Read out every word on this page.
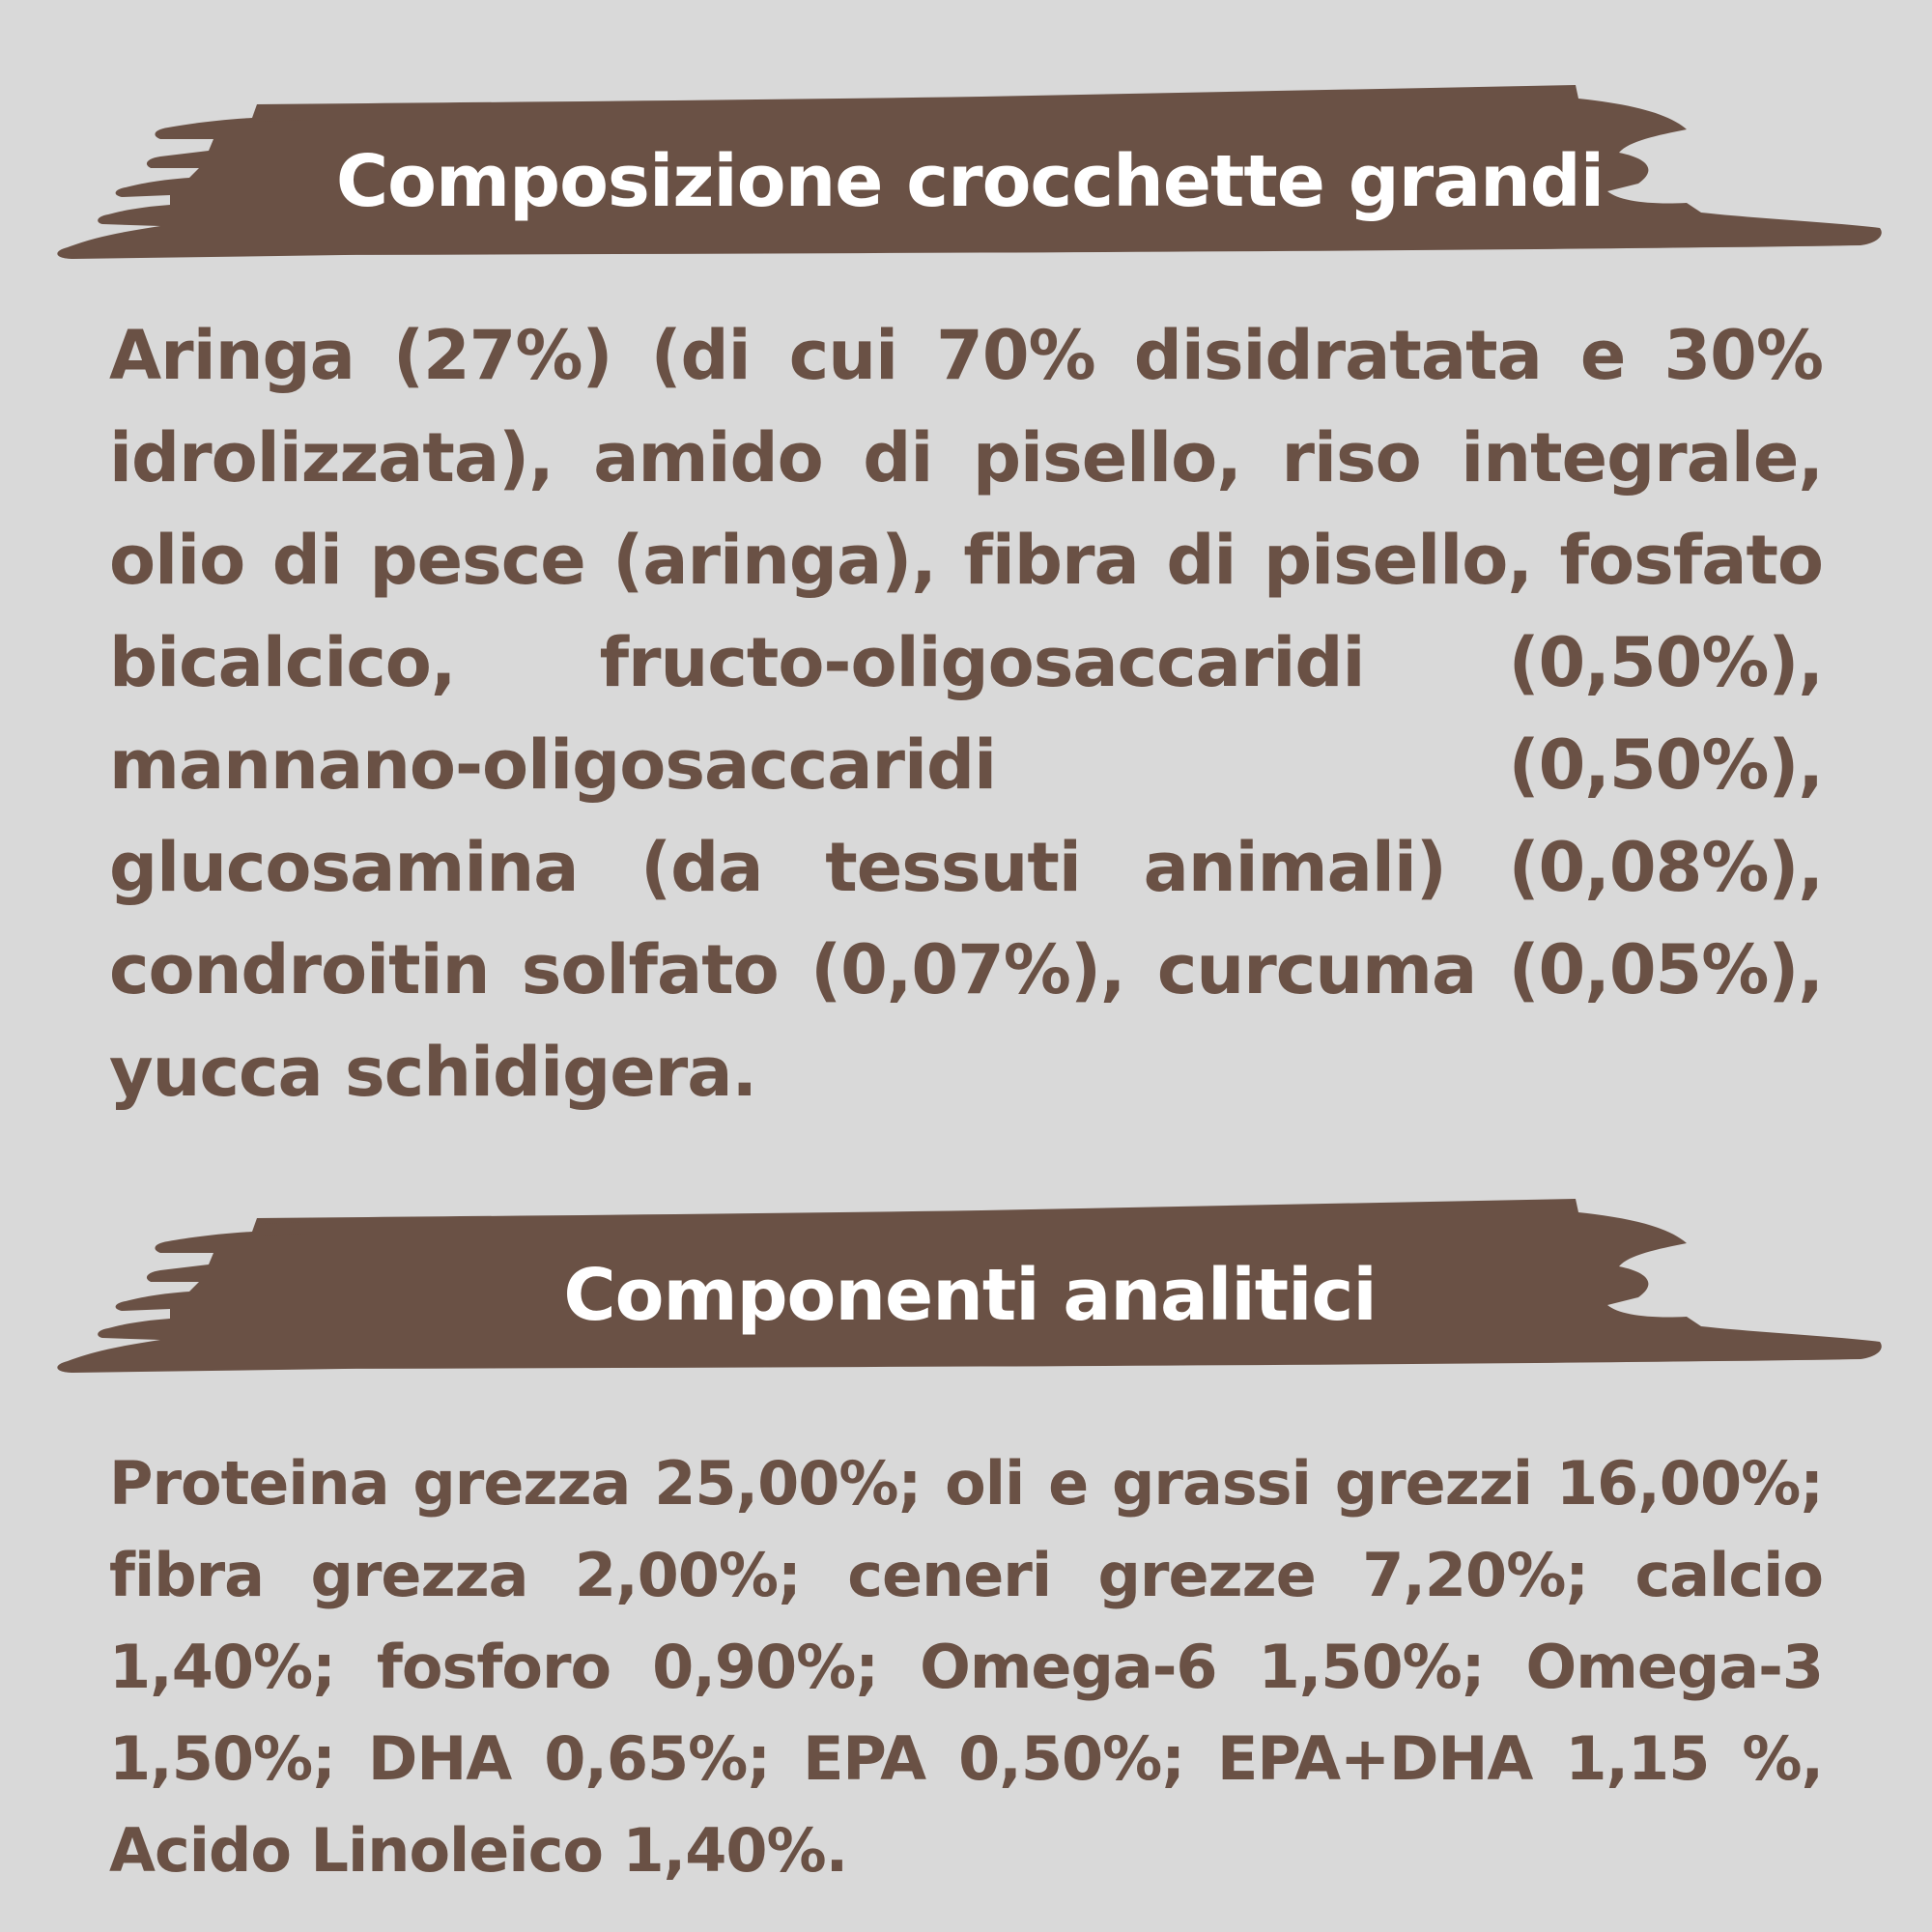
Composizione crocchette grandi

Aringa (27%) (di cui 70% disidratata e 30% idrolizzata), amido di pisello, riso integrale, olio di pesce (aringa), fibra di pisello, fosfato bicalcico, fructo-oligosaccaridi (0,50%), mannano-oligosaccaridi (0,50%), glucosamina (da tessuti animali) (0,08%), condroitin solfato (0,07%), curcuma (0,05%), yucca schidigera.

Componenti analitici

Proteina grezza 25,00%; oli e grassi grezzi 16,00%; fibra grezza 2,00%; ceneri grezze 7,20%; calcio 1,40%; fosforo 0,90%; Omega-6 1,50%; Omega-3 1,50%; DHA 0,65%; EPA 0,50%; EPA+DHA 1,15 %, Acido Linoleico 1,40%.
